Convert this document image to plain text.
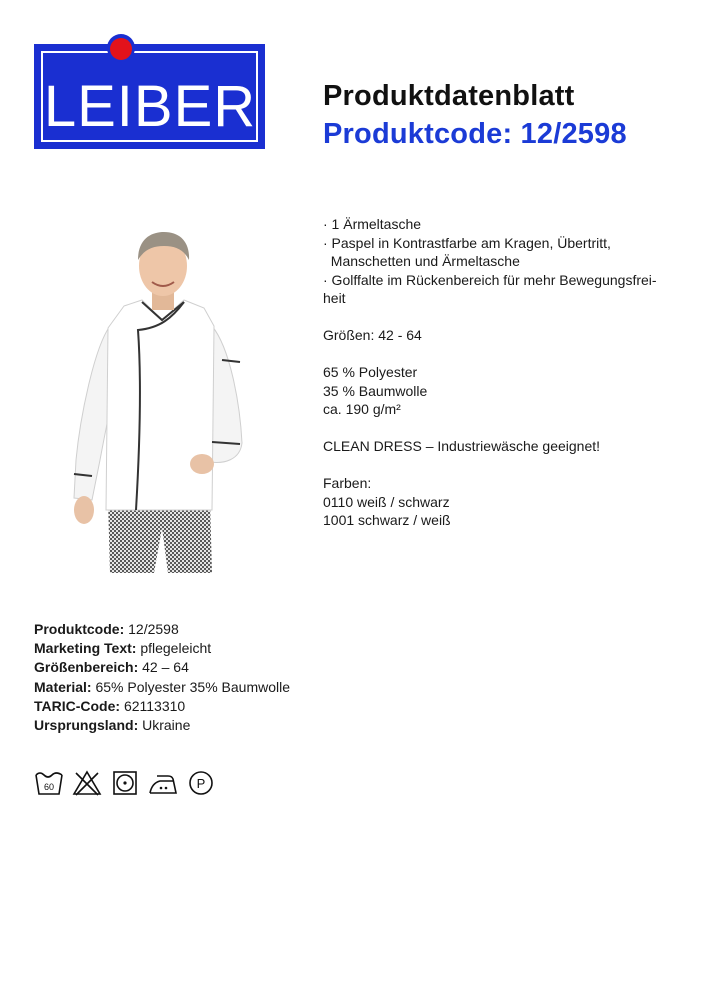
LEIBER Produktdatenblatt
Produktcode: 12/2598
· 1 Ärmeltasche
· Paspel in Kontrastfarbe am Kragen, Übertritt,
Manschetten und Ärmeltasche
· Golffalte im Rückenbereich für mehr Bewegungsfrei-
heit
Größen: 42 - 64
65 % Polyester
35 % Baumwolle
ca. 190 g/m²
CLEAN DRESS – Industriewäsche geeignet!
Farben:
0110 weiß / schwarz
1001 schwarz / weiß
Produktcode: 12/2598
Marketing Text: pflegeleicht
Größenbereich: 42 – 64
Material: 65% Polyester 35% Baumwolle
TARIC-Code: 62113310
Ursprungsland: Ukraine
60	P
